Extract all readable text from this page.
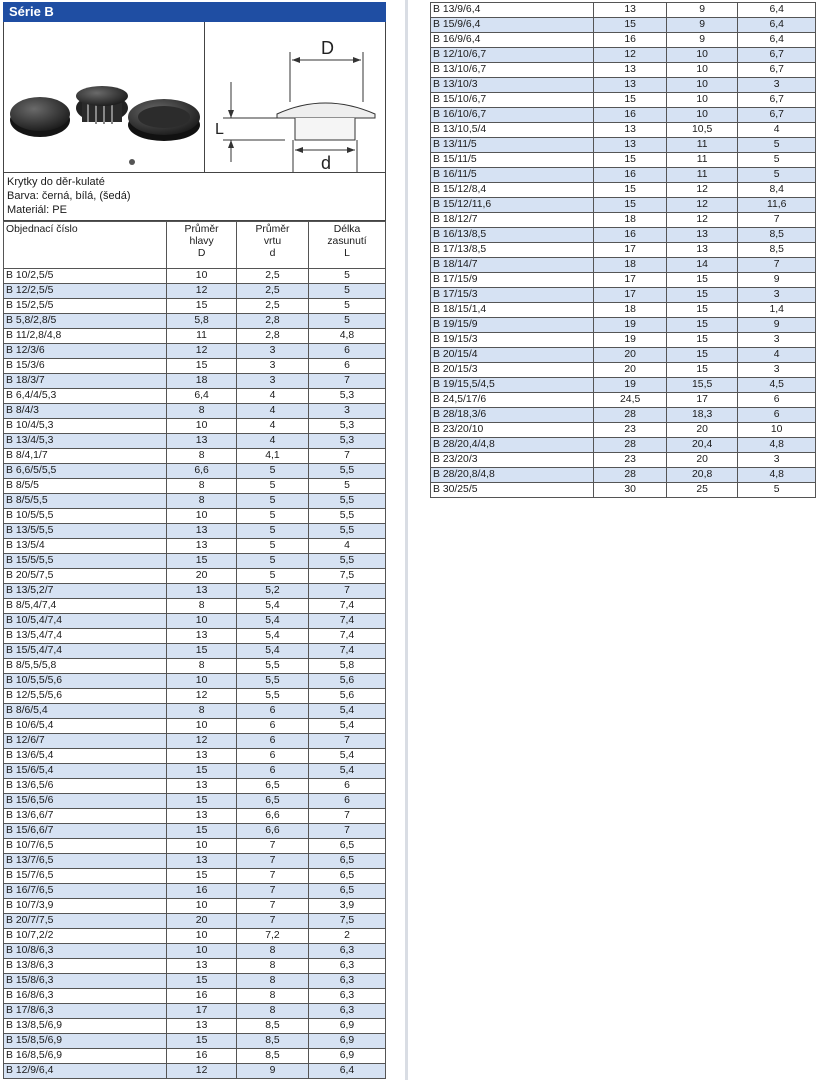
Série B
D
d
L
Krytky do děr-kulaté
Barva: černá, bílá, (šedá)
Materiál: PE
Objednací číslo	Průměr
hlavy
D	Průměr
vrtu
d	Délka
zasunutí
L
B 10/2,5/5	10	2,5	5
B 12/2,5/5	12	2,5	5
B 15/2,5/5	15	2,5	5
B 5,8/2,8/5	5,8	2,8	5
B 11/2,8/4,8	11	2,8	4,8
B 12/3/6	12	3	6
B 15/3/6	15	3	6
B 18/3/7	18	3	7
B 6,4/4/5,3	6,4	4	5,3
B 8/4/3	8	4	3
B 10/4/5,3	10	4	5,3
B 13/4/5,3	13	4	5,3
B 8/4,1/7	8	4,1	7
B 6,6/5/5,5	6,6	5	5,5
B 8/5/5	8	5	5
B 8/5/5,5	8	5	5,5
B 10/5/5,5	10	5	5,5
B 13/5/5,5	13	5	5,5
B 13/5/4	13	5	4
B 15/5/5,5	15	5	5,5
B 20/5/7,5	20	5	7,5
B 13/5,2/7	13	5,2	7
B 8/5,4/7,4	8	5,4	7,4
B 10/5,4/7,4	10	5,4	7,4
B 13/5,4/7,4	13	5,4	7,4
B 15/5,4/7,4	15	5,4	7,4
B 8/5,5/5,8	8	5,5	5,8
B 10/5,5/5,6	10	5,5	5,6
B 12/5,5/5,6	12	5,5	5,6
B 8/6/5,4	8	6	5,4
B 10/6/5,4	10	6	5,4
B 12/6/7	12	6	7
B 13/6/5,4	13	6	5,4
B 15/6/5,4	15	6	5,4
B 13/6,5/6	13	6,5	6
B 15/6,5/6	15	6,5	6
B 13/6,6/7	13	6,6	7
B 15/6,6/7	15	6,6	7
B 10/7/6,5	10	7	6,5
B 13/7/6,5	13	7	6,5
B 15/7/6,5	15	7	6,5
B 16/7/6,5	16	7	6,5
B 10/7/3,9	10	7	3,9
B 20/7/7,5	20	7	7,5
B 10/7,2/2	10	7,2	2
B 10/8/6,3	10	8	6,3
B 13/8/6,3	13	8	6,3
B 15/8/6,3	15	8	6,3
B 16/8/6,3	16	8	6,3
B 17/8/6,3	17	8	6,3
B 13/8,5/6,9	13	8,5	6,9
B 15/8,5/6,9	15	8,5	6,9
B 16/8,5/6,9	16	8,5	6,9
B 12/9/6,4	12	9	6,4
B 13/9/6,4	13	9	6,4
B 15/9/6,4	15	9	6,4
B 16/9/6,4	16	9	6,4
B 12/10/6,7	12	10	6,7
B 13/10/6,7	13	10	6,7
B 13/10/3	13	10	3
B 15/10/6,7	15	10	6,7
B 16/10/6,7	16	10	6,7
B 13/10,5/4	13	10,5	4
B 13/11/5	13	11	5
B 15/11/5	15	11	5
B 16/11/5	16	11	5
B 15/12/8,4	15	12	8,4
B 15/12/11,6	15	12	11,6
B 18/12/7	18	12	7
B 16/13/8,5	16	13	8,5
B 17/13/8,5	17	13	8,5
B 18/14/7	18	14	7
B 17/15/9	17	15	9
B 17/15/3	17	15	3
B 18/15/1,4	18	15	1,4
B 19/15/9	19	15	9
B 19/15/3	19	15	3
B 20/15/4	20	15	4
B 20/15/3	20	15	3
B 19/15,5/4,5	19	15,5	4,5
B 24,5/17/6	24,5	17	6
B 28/18,3/6	28	18,3	6
B 23/20/10	23	20	10
B 28/20,4/4,8	28	20,4	4,8
B 23/20/3	23	20	3
B 28/20,8/4,8	28	20,8	4,8
B 30/25/5	30	25	5
